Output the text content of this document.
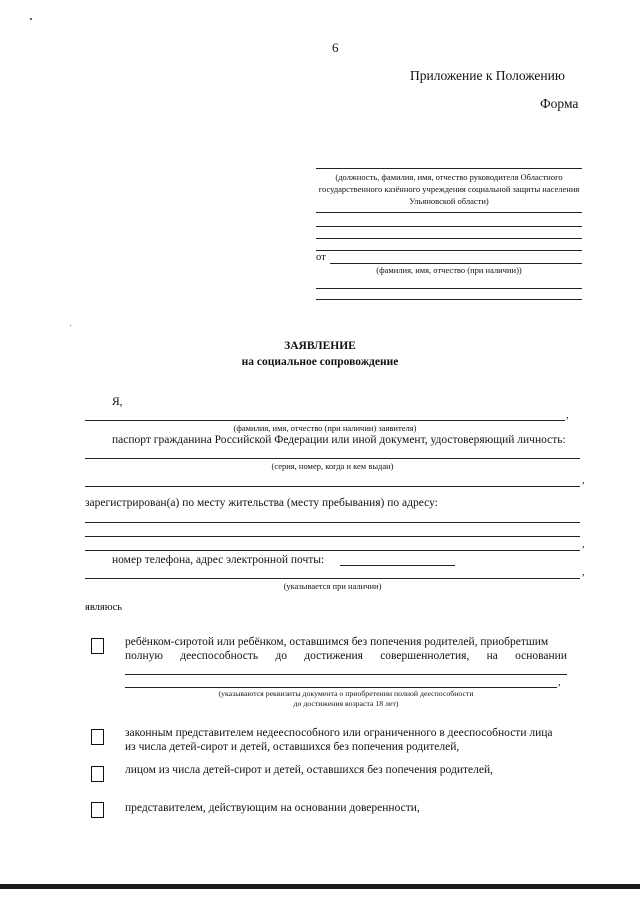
6
Приложение к Положению
Форма
(должность, фамилия, имя, отчество руководителя Областного государственного казённого учреждения социальной защиты населения Ульяновской области)
от
(фамилия, имя, отчество (при наличии))
ЗАЯВЛЕНИЕ
на социальное сопровождение
Я,
,
(фамилия, имя, отчество (при наличии) заявителя)
паспорт гражданина Российской Федерации или иной документ, удостоверяющий личность:
(серия, номер, когда и кем выдан)
,
зарегистрирован(а) по месту жительства (месту пребывания) по адресу:
,
номер телефона, адрес электронной почты:
,
(указывается при наличии)
являюсь
ребёнком-сиротой или ребёнком, оставшимся без попечения родителей, приобретшим
полную дееспособность до достижения совершеннолетия, на основании
,
(указываются реквизиты документа о приобретении полной дееспособности
до достижения возраста 18 лет)
законным представителем недееспособного или ограниченного в дееспособности лица
из числа детей-сирот и детей, оставшихся без попечения родителей,
лицом из числа детей-сирот и детей, оставшихся без попечения родителей,
представителем, действующим на основании доверенности,
